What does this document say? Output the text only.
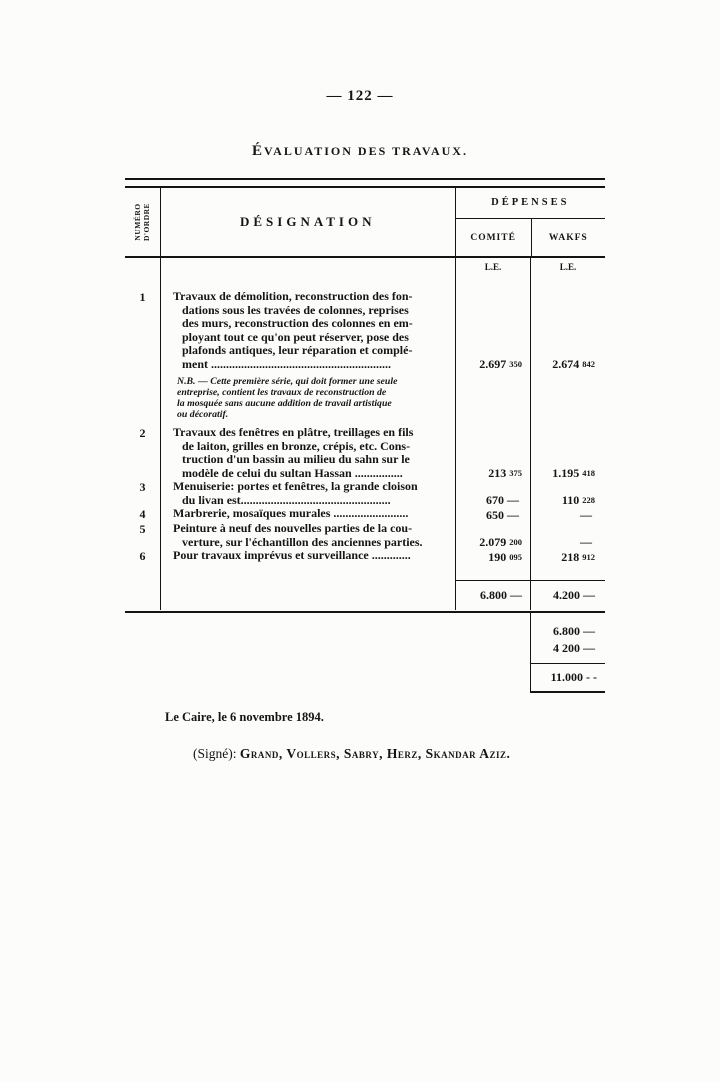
— 122 —
ÉVALUATION DES TRAVAUX.
NUMÉRO D'ORDRE	DÉSIGNATION
DÉPENSES
COMITÉ	WAKFS
L.E.	L.E.
1	Travaux de démolition, reconstruction des fon-
dations sous les travées de colonnes, reprises
des murs, reconstruction des colonnes en em-
ployant tout ce qu'on peut réserver, pose des
plafonds antiques, leur réparation et complé-
ment ............................................................	2.697 350	2.674 842
N.B. — Cette première série, qui doit former une seule
entreprise, contient les travaux de reconstruction de
la mosquée sans aucune addition de travail artistique
ou décoratif.
2	Travaux des fenêtres en plâtre, treillages en fils
de laiton, grilles en bronze, crépis, etc. Cons-
truction d'un bassin au milieu du sahn sur le
modèle de celui du sultan Hassan ................	213 375	1.195 418
3	Menuiserie: portes et fenêtres, la grande cloison
du livan est..................................................	670 —	110 228
4	Marbrerie, mosaïques murales .........................	650 —	—
5	Peinture à neuf des nouvelles parties de la cou-
verture, sur l'échantillon des anciennes parties.	2.079 200	—
6	Pour travaux imprévus et surveillance .............	190 095	218 912
6.800 —	4.200 —
6.800 —
4 200 —
11.000 - -
Le Caire, le 6 novembre 1894.
(Signé): Grand, Vollers, Sabry, Herz, Skandar Aziz.
